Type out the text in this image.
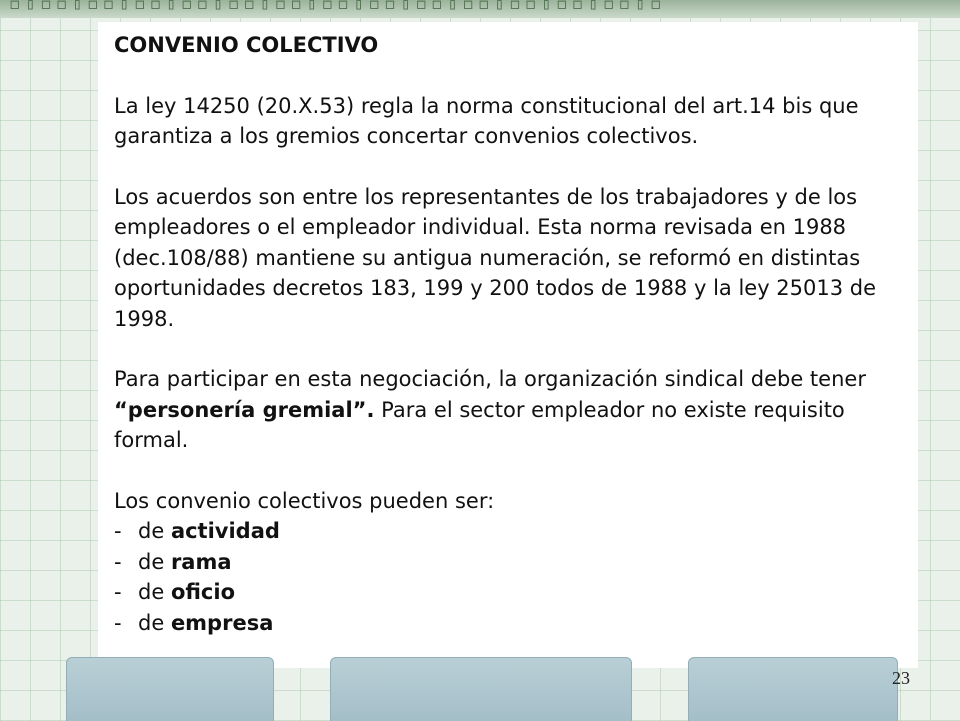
◻▯◻◻▯◻◻▯◻◻▯◻◻▯◻◻▯◻◻▯◻◻▯◻◻▯◻◻▯◻◻▯◻◻▯◻◻▯◻◻▯◻

CONVENIO COLECTIVO

La ley 14250 (20.X.53) regla la norma constitucional del art.14 bis que garantiza a los gremios concertar convenios colectivos.

Los acuerdos son entre los representantes de los trabajadores y de los empleadores o el empleador individual. Esta norma revisada en 1988 (dec.108/88) mantiene su antigua numeración, se reformó en distintas oportunidades decretos 183, 199 y 200 todos de 1988 y la ley 25013 de 1998.

Para participar en esta negociación, la organización sindical debe tener “personería gremial”. Para el sector empleador no existe requisito formal.

Los convenio colectivos pueden ser:

- de actividad
- de rama
- de oficio
- de empresa
23
